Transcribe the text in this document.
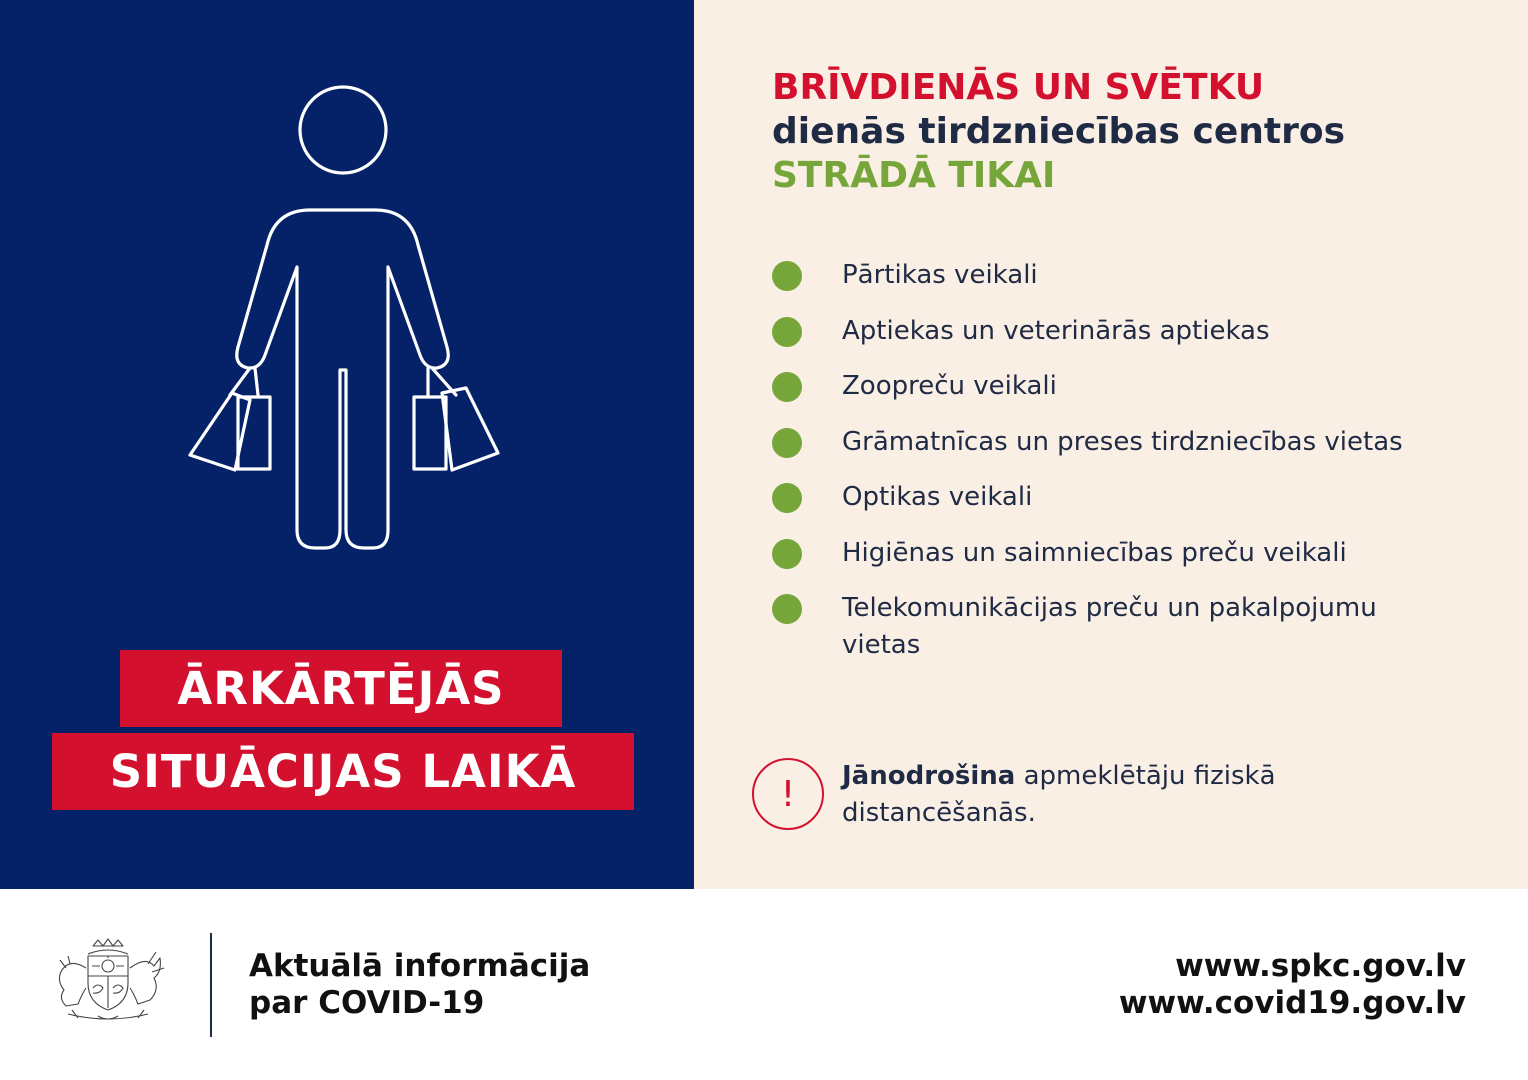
ĀRKĀRTĒJĀS
SITUĀCIJAS LAIKĀ
BRĪVDIENĀS UN SVĒTKU
dienās tirdzniecības centros
STRĀDĀ TIKAI
Pārtikas veikali
Aptiekas un veterinārās aptiekas
Zoopreču veikali
Grāmatnīcas un preses tirdzniecības vietas
Optikas veikali
Higiēnas un saimniecības preču veikali
Telekomunikācijas preču un pakalpojumu vietas
!	Jānodrošina apmeklētāju fiziskā distancēšanās.

Aktuālā informācija
par COVID-19
www.spkc.gov.lv
www.covid19.gov.lv
